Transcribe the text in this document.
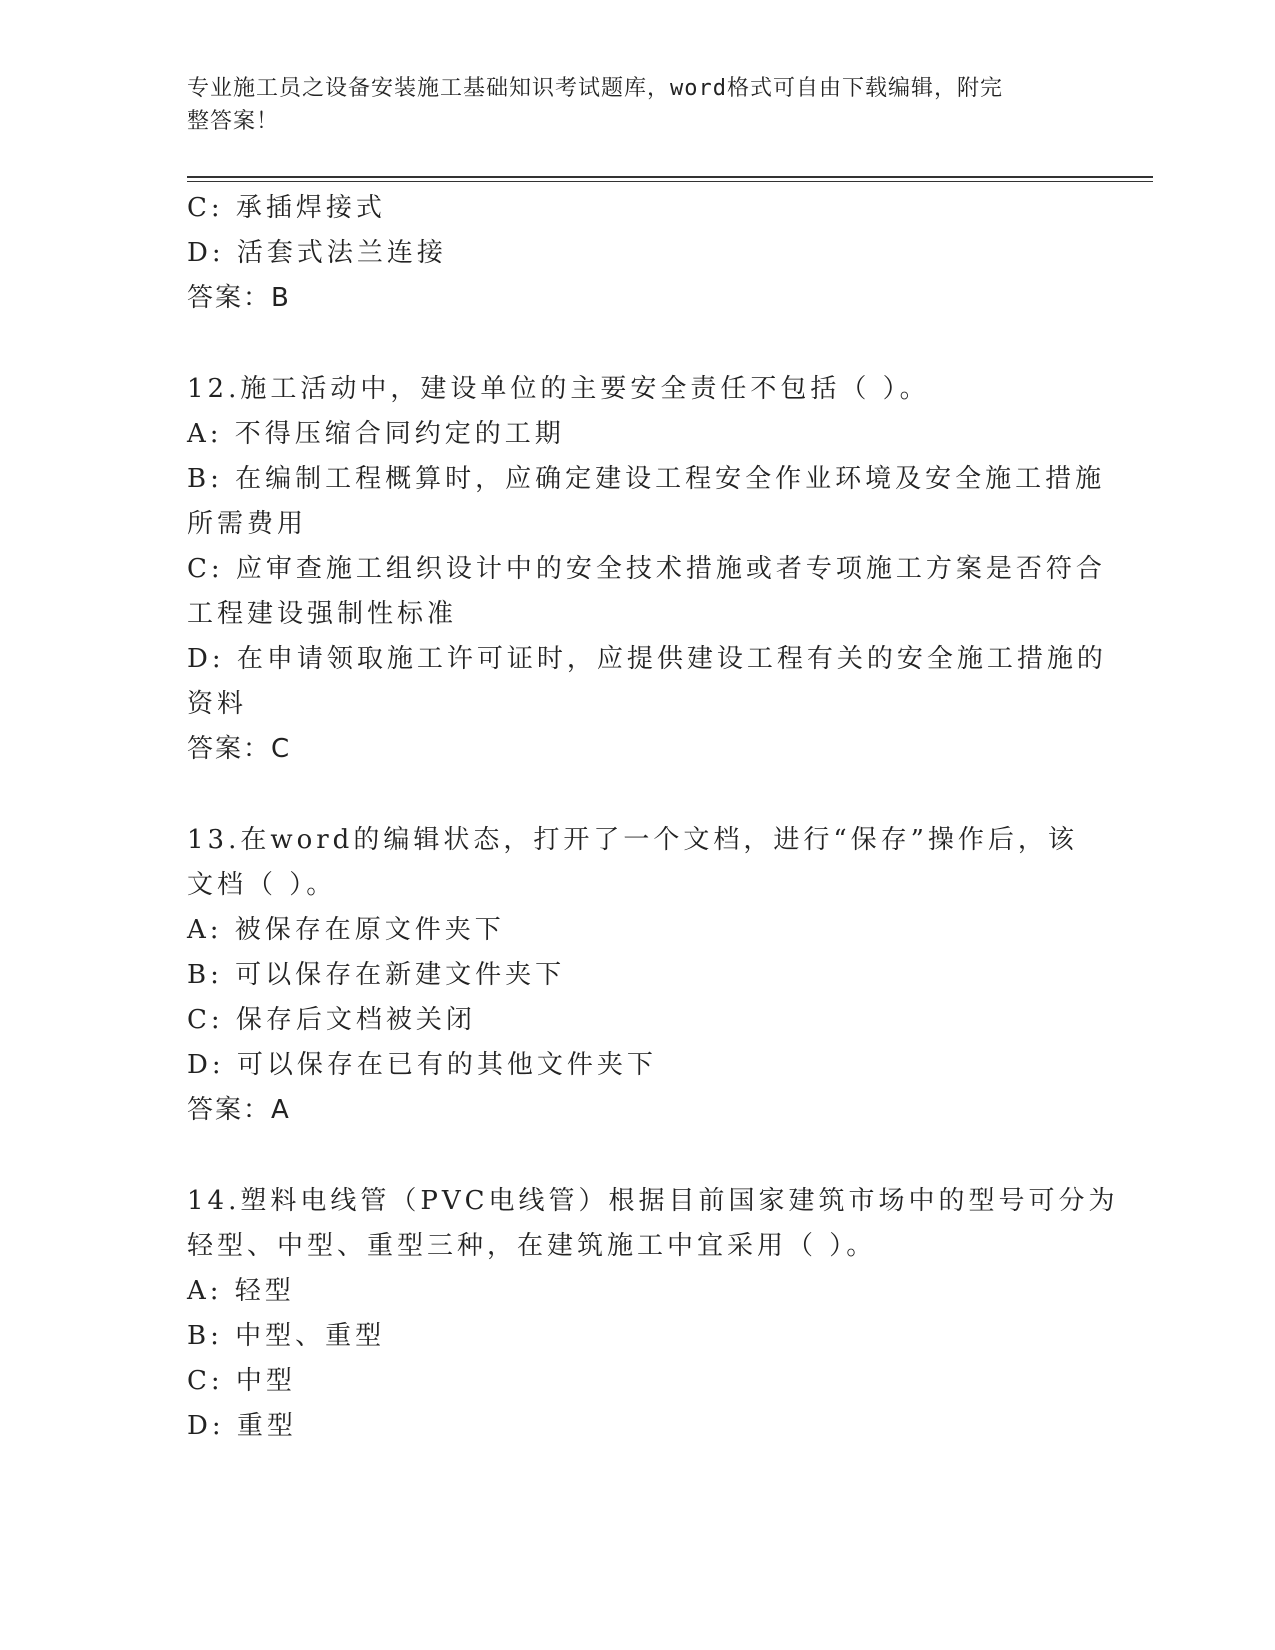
专业施工员之设备安装施工基础知识考试题库，word格式可自由下载编辑，附完
整答案！
C: 承插焊接式
D: 活套式法兰连接
答案：B
12.施工活动中，建设单位的主要安全责任不包括（ ）。
A: 不得压缩合同约定的工期
B: 在编制工程概算时，应确定建设工程安全作业环境及安全施工措施
所需费用
C: 应审查施工组织设计中的安全技术措施或者专项施工方案是否符合
工程建设强制性标准
D: 在申请领取施工许可证时，应提供建设工程有关的安全施工措施的
资料
答案：C
13.在word的编辑状态，打开了一个文档，进行“保存”操作后，该
文档（ ）。
A: 被保存在原文件夹下
B: 可以保存在新建文件夹下
C: 保存后文档被关闭
D: 可以保存在已有的其他文件夹下
答案：A
14.塑料电线管（PVC电线管）根据目前国家建筑市场中的型号可分为
轻型、中型、重型三种，在建筑施工中宜采用（ ）。
A: 轻型
B: 中型、重型
C: 中型
D: 重型
